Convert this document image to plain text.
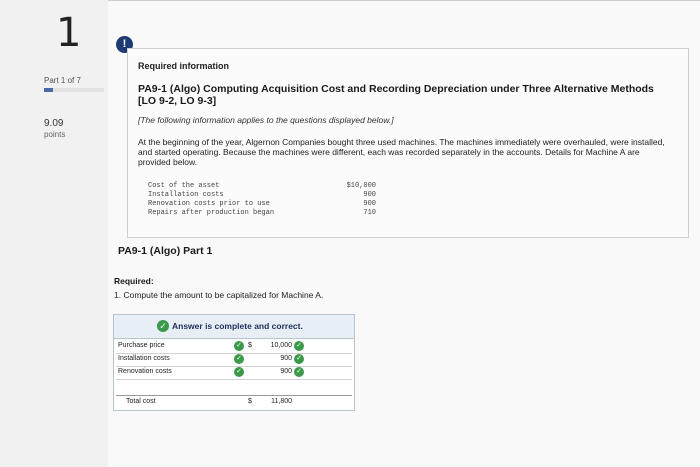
1
Part 1 of 7
9.09
points
!
Required information
PA9-1 (Algo) Computing Acquisition Cost and Recording Depreciation under Three Alternative Methods [LO 9-2, LO 9-3]
[The following information applies to the questions displayed below.]
At the beginning of the year, Algernon Companies bought three used machines. The machines immediately were overhauled, were installed, and started operating. Because the machines were different, each was recorded separately in the accounts. Details for Machine A are provided below.
Cost of the asset	$10,000
Installation costs	900
Renovation costs prior to use	900
Repairs after production began	710
PA9-1 (Algo) Part 1
Required:
1. Compute the amount to be capitalized for Machine A.
✓ Answer is complete and correct.
Purchase price	✓ $	10,000 ✓
Installation costs	✓	900 ✓
Renovation costs	✓	900 ✓
Total cost	$	11,800
